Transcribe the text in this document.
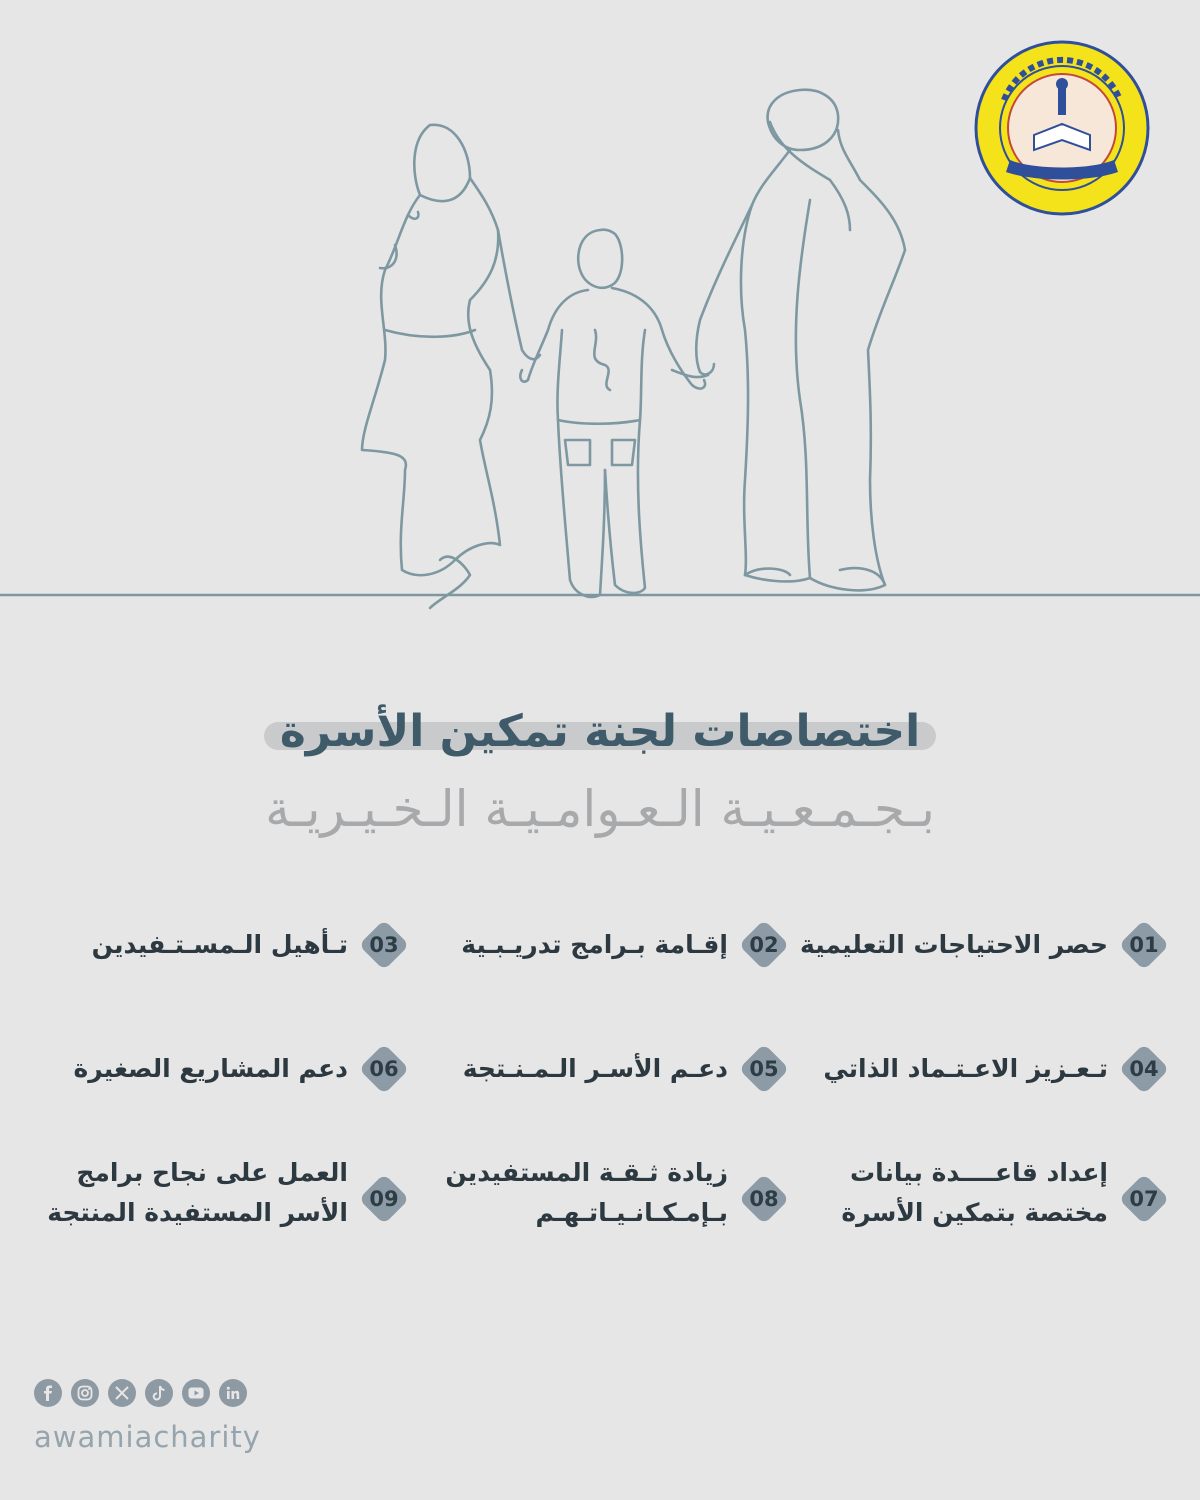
اختصاصات لجنة تمكين الأسرة

بـجـمـعـيـة الـعـوامـيـة الـخـيـريـة

01
حصر الاحتياجات التعليمية
02
إقـامة بـرامج تدريـبـية
03
تـأهيل الـمسـتـفيدين
04
تـعـزيز الاعـتـماد الذاتي
05
دعـم الأسـر الـمـنـتجة
06
دعم المشاريع الصغيرة
07
إعداد قاعــــدة بيانات
مختصة بتمكين الأسرة
08
زيادة ثـقـة المستفيدين
بـإمـكـانـيـاتـهـم
09
العمل على نجاح برامج
الأسر المستفيدة المنتجة
awamiacharity
